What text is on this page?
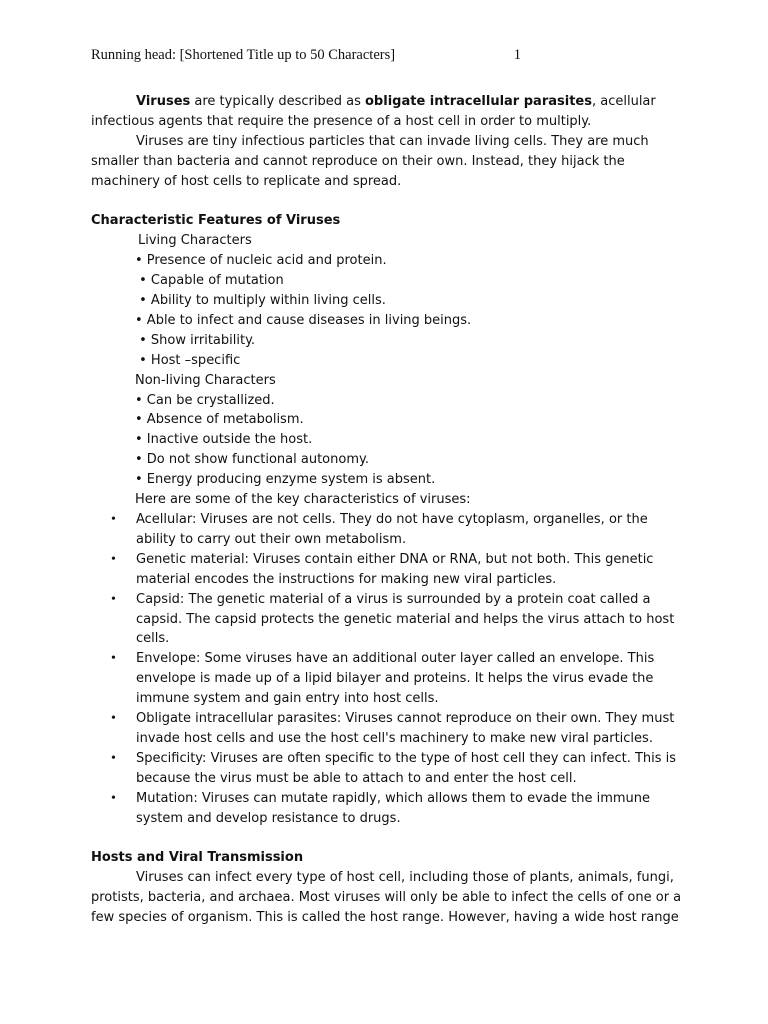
Running head: [Shortened Title up to 50 Characters]	1

Viruses are typically described as obligate intracellular parasites, acellular infectious agents that require the presence of a host cell in order to multiply.

Viruses are tiny infectious particles that can invade living cells. They are much smaller than bacteria and cannot reproduce on their own. Instead, they hijack the machinery of host cells to replicate and spread.

Characteristic Features of Viruses

Living Characters

• Presence of nucleic acid and protein.

• Capable of mutation

• Ability to multiply within living cells.

• Able to infect and cause diseases in living beings.

• Show irritability.

• Host –specific

Non-living Characters

• Can be crystallized.

• Absence of metabolism.

• Inactive outside the host.

• Do not show functional autonomy.

• Energy producing enzyme system is absent.

Here are some of the key characteristics of viruses:

• Acellular: Viruses are not cells. They do not have cytoplasm, organelles, or the ability to carry out their own metabolism.
• Genetic material: Viruses contain either DNA or RNA, but not both. This genetic material encodes the instructions for making new viral particles.
• Capsid: The genetic material of a virus is surrounded by a protein coat called a capsid. The capsid protects the genetic material and helps the virus attach to host cells.
• Envelope: Some viruses have an additional outer layer called an envelope. This envelope is made up of a lipid bilayer and proteins. It helps the virus evade the immune system and gain entry into host cells.
• Obligate intracellular parasites: Viruses cannot reproduce on their own. They must invade host cells and use the host cell's machinery to make new viral particles.
• Specificity: Viruses are often specific to the type of host cell they can infect. This is because the virus must be able to attach to and enter the host cell.
• Mutation: Viruses can mutate rapidly, which allows them to evade the immune system and develop resistance to drugs.

Hosts and Viral Transmission

Viruses can infect every type of host cell, including those of plants, animals, fungi, protists, bacteria, and archaea. Most viruses will only be able to infect the cells of one or a few species of organism. This is called the host range. However, having a wide host range
